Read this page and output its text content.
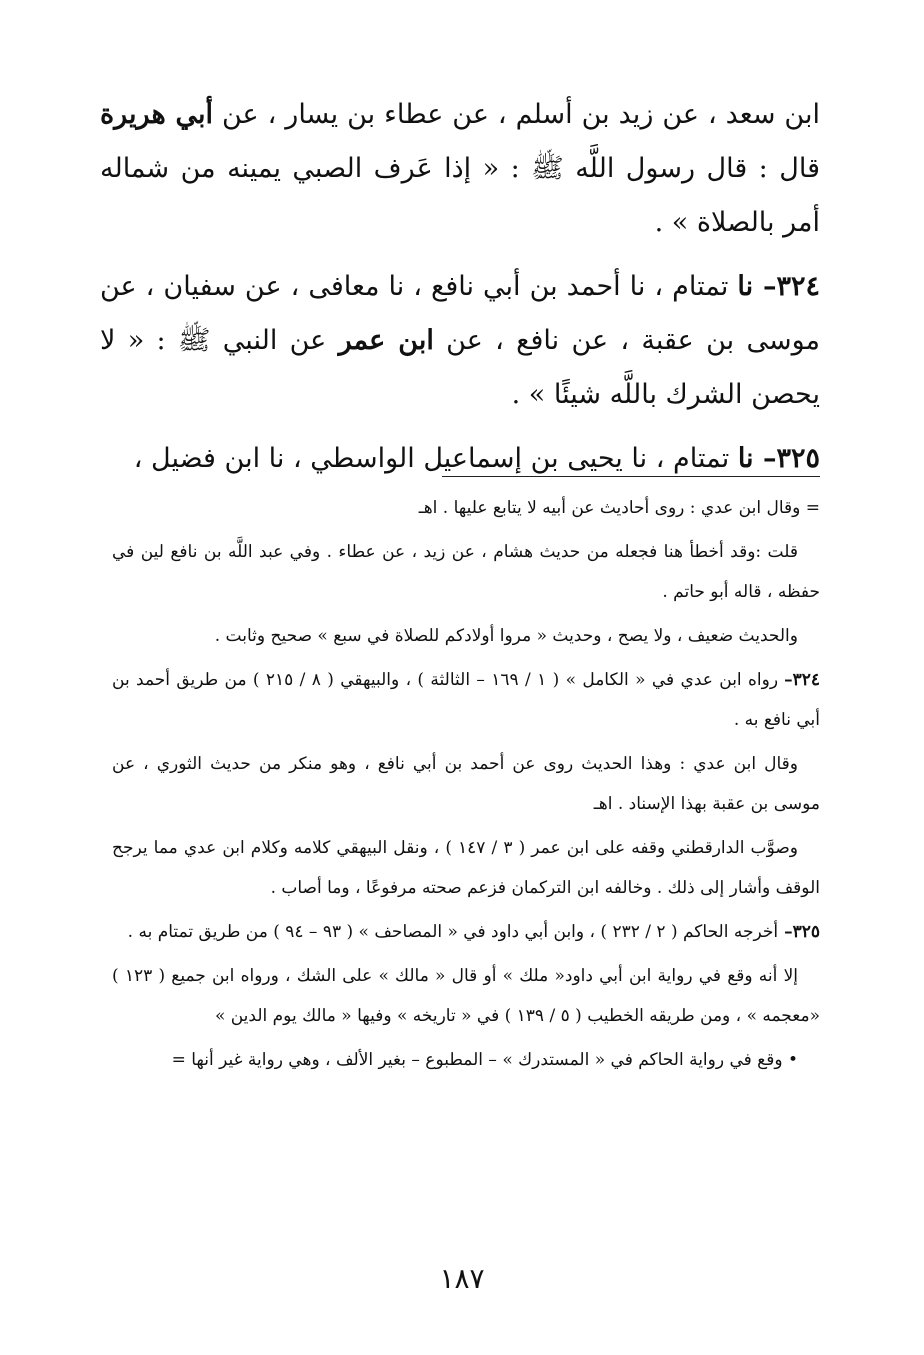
ابن سعد ، عن زيد بن أسلم ، عن عطاء بن يسار ، عن أبي هريرة قال : قال رسول اللَّه ﷺ : « إذا عَرف الصبي يمينه من شماله أمر بالصلاة » .

٣٢٤– نا تمتام ، نا أحمد بن أبي نافع ، نا معافى ، عن سفيان ، عن موسى بن عقبة ، عن نافع ، عن ابن عمر عن النبي ﷺ : « لا يحصن الشرك باللَّه شيئًا » .

٣٢٥– نا تمتام ، نا يحيى بن إسماعيل الواسطي ، نا ابن فضيل ،

= وقال ابن عدي : روى أحاديث عن أبيه لا يتابع عليها . اهـ

قلت :وقد أخطأ هنا فجعله من حديث هشام ، عن زيد ، عن عطاء . وفي عبد اللَّه بن نافع لين في حفظه ، قاله أبو حاتم .

والحديث ضعيف ، ولا يصح ، وحديث « مروا أولادكم للصلاة في سبع » صحيح وثابت .

٣٢٤–رواه ابن عدي في « الكامل » ( ١ / ١٦٩ – الثالثة ) ، والبيهقي ( ٨ / ٢١٥ ) من طريق أحمد بن أبي نافع به .

وقال ابن عدي : وهذا الحديث روى عن أحمد بن أبي نافع ، وهو منكر من حديث الثوري ، عن موسى بن عقبة بهذا الإسناد . اهـ

وصوَّب الدارقطني وقفه على ابن عمر ( ٣ / ١٤٧ ) ، ونقل البيهقي كلامه وكلام ابن عدي مما يرجح الوقف وأشار إلى ذلك . وخالفه ابن التركمان فزعم صحته مرفوعًا ، وما أصاب .

٣٢٥–أخرجه الحاكم ( ٢ / ٢٣٢ ) ، وابن أبي داود في « المصاحف » ( ٩٣ – ٩٤ ) من طريق تمتام به .

إلا أنه وقع في رواية ابن أبي داود« ملك » أو قال « مالك » على الشك ، ورواه ابن جميع ( ١٢٣ ) «معجمه » ، ومن طريقه الخطيب ( ٥ / ١٣٩ ) في « تاريخه » وفيها « مالك يوم الدين »

• وقع في رواية الحاكم في « المستدرك » – المطبوع – بغير الألف ، وهي رواية غير أنها =

١٨٧
